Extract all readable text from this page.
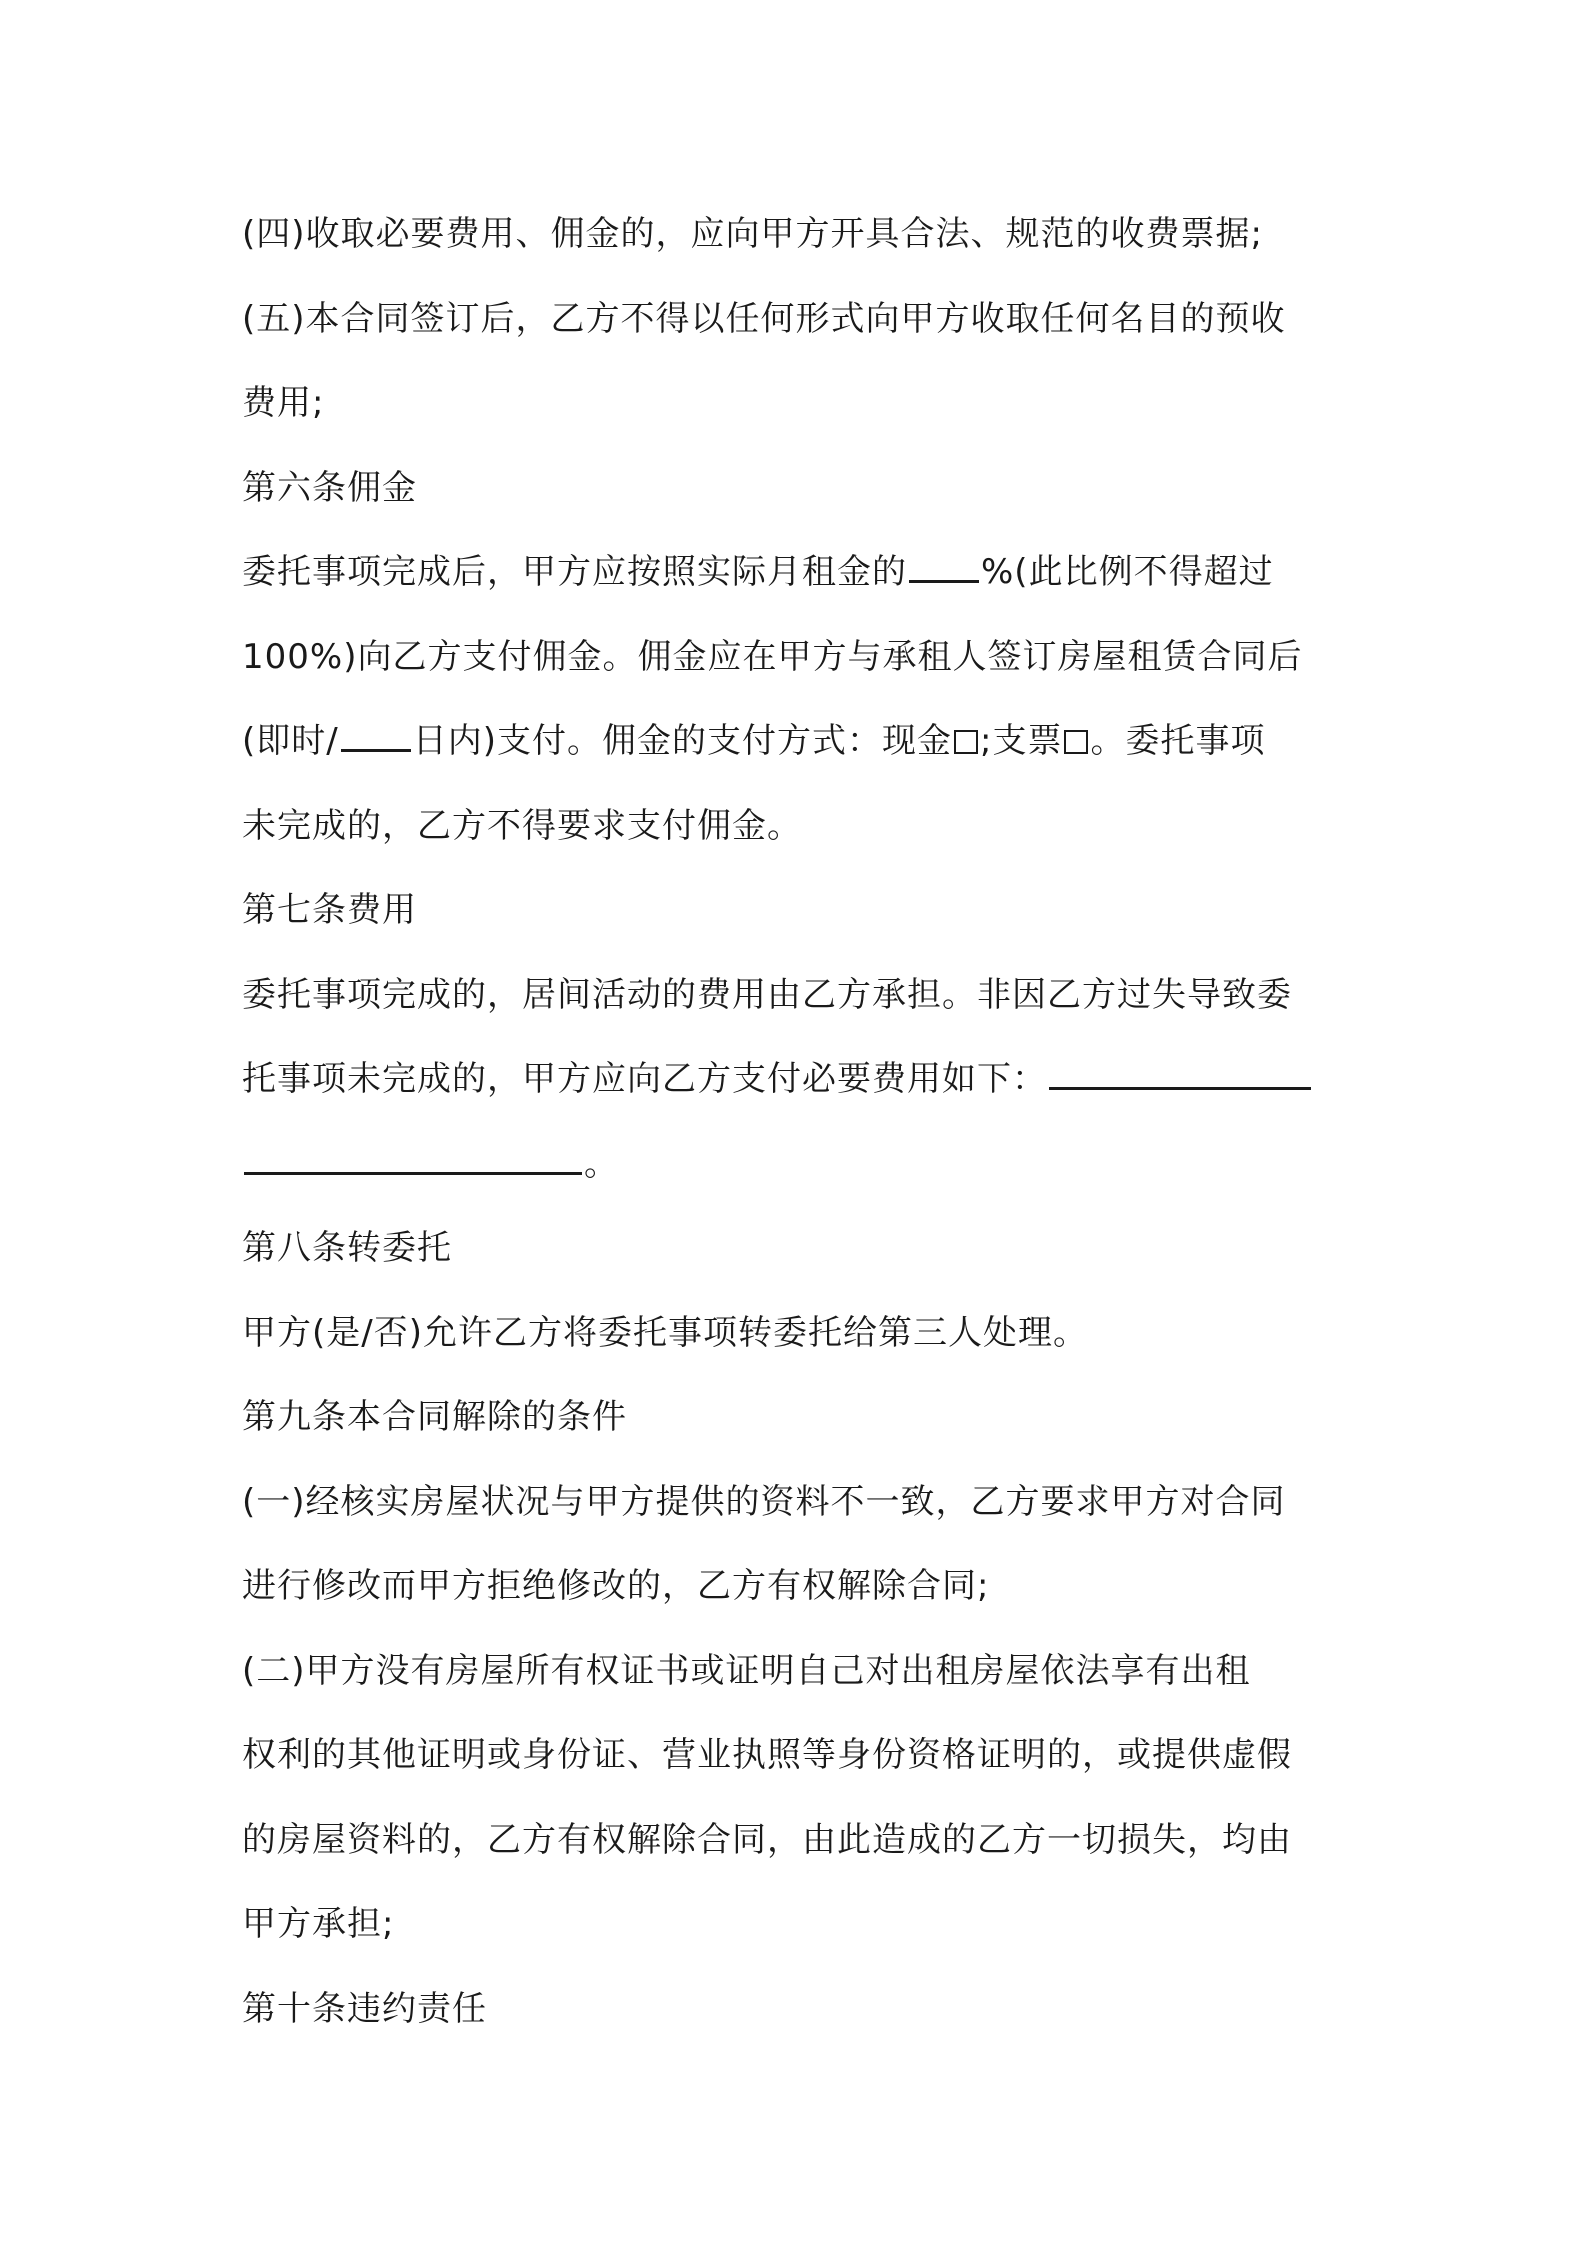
(四)收取必要费用、佣金的，应向甲方开具合法、规范的收费票据;
(五)本合同签订后，乙方不得以任何形式向甲方收取任何名目的预收
费用;
第六条佣金
委托事项完成后，甲方应按照实际月租金的 %(此比例不得超过
100%)向乙方支付佣金。佣金应在甲方与承租人签订房屋租赁合同后
(即时/ 日内)支付。佣金的支付方式：现金 ;支票 。委托事项
未完成的，乙方不得要求支付佣金。
第七条费用
委托事项完成的，居间活动的费用由乙方承担。非因乙方过失导致委
托事项未完成的，甲方应向乙方支付必要费用如下：
。
第八条转委托
甲方(是/否)允许乙方将委托事项转委托给第三人处理。
第九条本合同解除的条件
(一)经核实房屋状况与甲方提供的资料不一致，乙方要求甲方对合同
进行修改而甲方拒绝修改的，乙方有权解除合同;
(二)甲方没有房屋所有权证书或证明自己对出租房屋依法享有出租
权利的其他证明或身份证、营业执照等身份资格证明的，或提供虚假
的房屋资料的，乙方有权解除合同，由此造成的乙方一切损失，均由
甲方承担;
第十条违约责任
